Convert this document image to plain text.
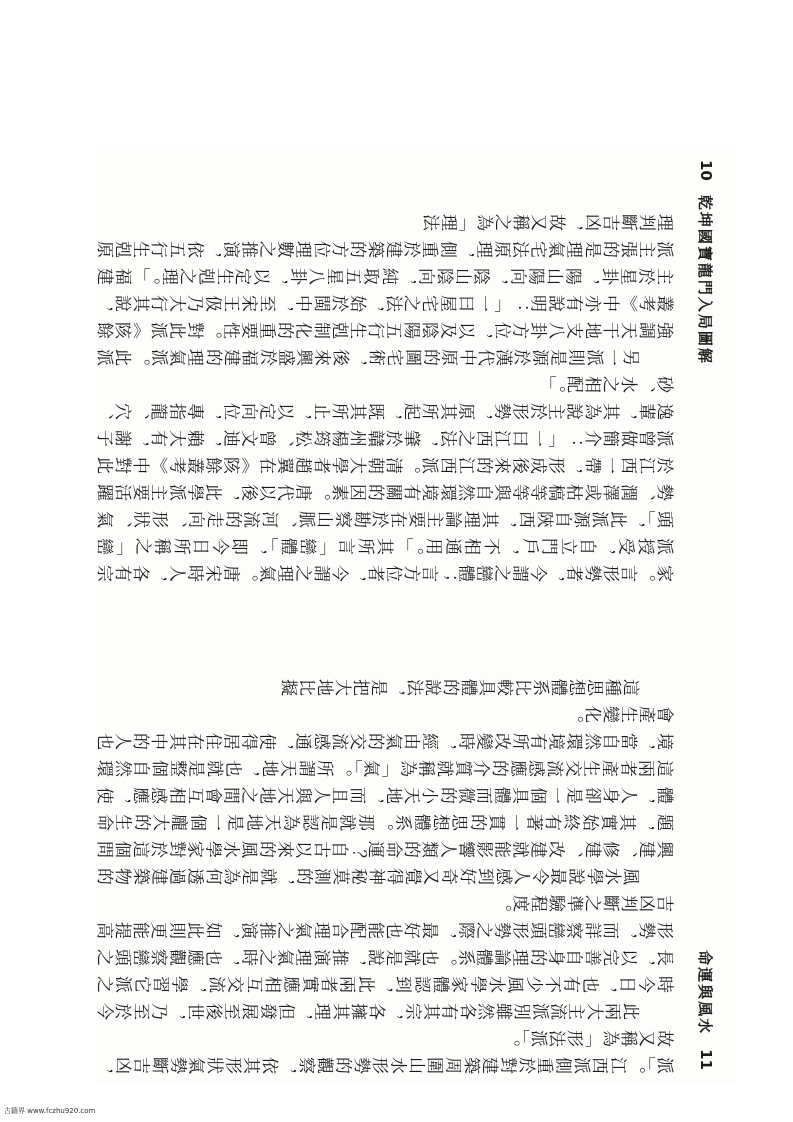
10
乾坤國寶龍門入局圖解
命運與風水
11

家。言形勢者，今謂之巒體；言方位者，今謂之理氣。唐宋時人，各有宗派授受，自立門戶，不相通用。」其所言「巒體」，即今日所稱之「巒頭」，此派源自陝西，其理論主要在於勘察山脈、河流的走向、形狀、氣勢、潤澤或枯槁等等與自然環境有關的因素。唐代以後，此學派主要活躍於江西一帶，形成後來的江西派。清朝大學者趙翼在《陔餘叢考》中對此派曾做簡介：「一曰江西之法，肇於贛州楊筠松、曾文迪，賴大有，謝子逸輩，其為說主於形勢，原其所起，既其所止，以定向位，專指龍、穴、砂、水之相配。」

另一派則是源於漢代中原的圖宅術，後來興盛於福建的理氣派。此派強調天干地支八卦方位，以及陰陽五行生剋制化的重要性。對此派《陔餘叢考》中亦有說明：「一曰屋宅之法，始於閩中，至宋王伋乃大行其說，主於星卦，陽山陽向，陰山陰向，純取五星八卦，以定生剋之理。」福建派主張的是理氣宅法原理，側重於建築的方位理數之推演，依五行生剋原理判斷吉凶，故又稱之為「理法

派」。江西派側重於對建築周圍山水形勢的觀察，依其形狀氣勢斷吉凶，故又稱為「形法派」。

此兩大主流派別雖然各有其宗，各擁其理，但發展至後世，乃至於今時今日，也有不少風水學家體認到，此兩者實應相互交流，學習它派之長，以完善自身的理論體系。也就是說，推演理氣之時，也應觀察巒頭之形勢，而詳察巒頭形勢之際，最好也能配合理氣之推演，如此則更能提高吉凶判斷之準驗程度。

風水學說最令人感到好奇又覺得神秘莫測的，就是為何透過建築物的興建、修建、改建就能影響人類的命運？自古以來的風水學家對於這個問題，其實始終有著一貫的思想體系。那就是認為天地是一個龐大的生命體，人身卻是一個具體而微的小天地，而且人與天地之間會互相感應，使這兩者產生交流感應的介質就稱為「氣」。所謂天地，也就是整個自然環境，當自然環境有所改變時，經由氣的交流感通，使得居住在其中的人也會產生變化。

這種思想體系比較具體的說法，是把大地比擬

古籍界 www.fczhu920.com
